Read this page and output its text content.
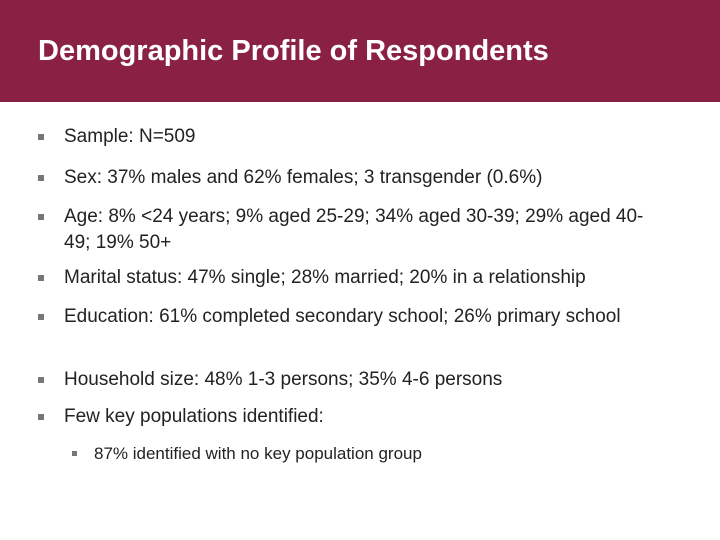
Demographic Profile of Respondents
Sample: N=509
Sex: 37% males and 62% females; 3 transgender (0.6%)
Age: 8% <24 years; 9% aged 25-29; 34% aged 30-39; 29% aged 40-49; 19% 50+
Marital status: 47% single; 28% married; 20% in a relationship
Education: 61% completed secondary school; 26% primary school
Household size: 48% 1-3 persons; 35% 4-6 persons
Few key populations identified:
87% identified with no key population group
